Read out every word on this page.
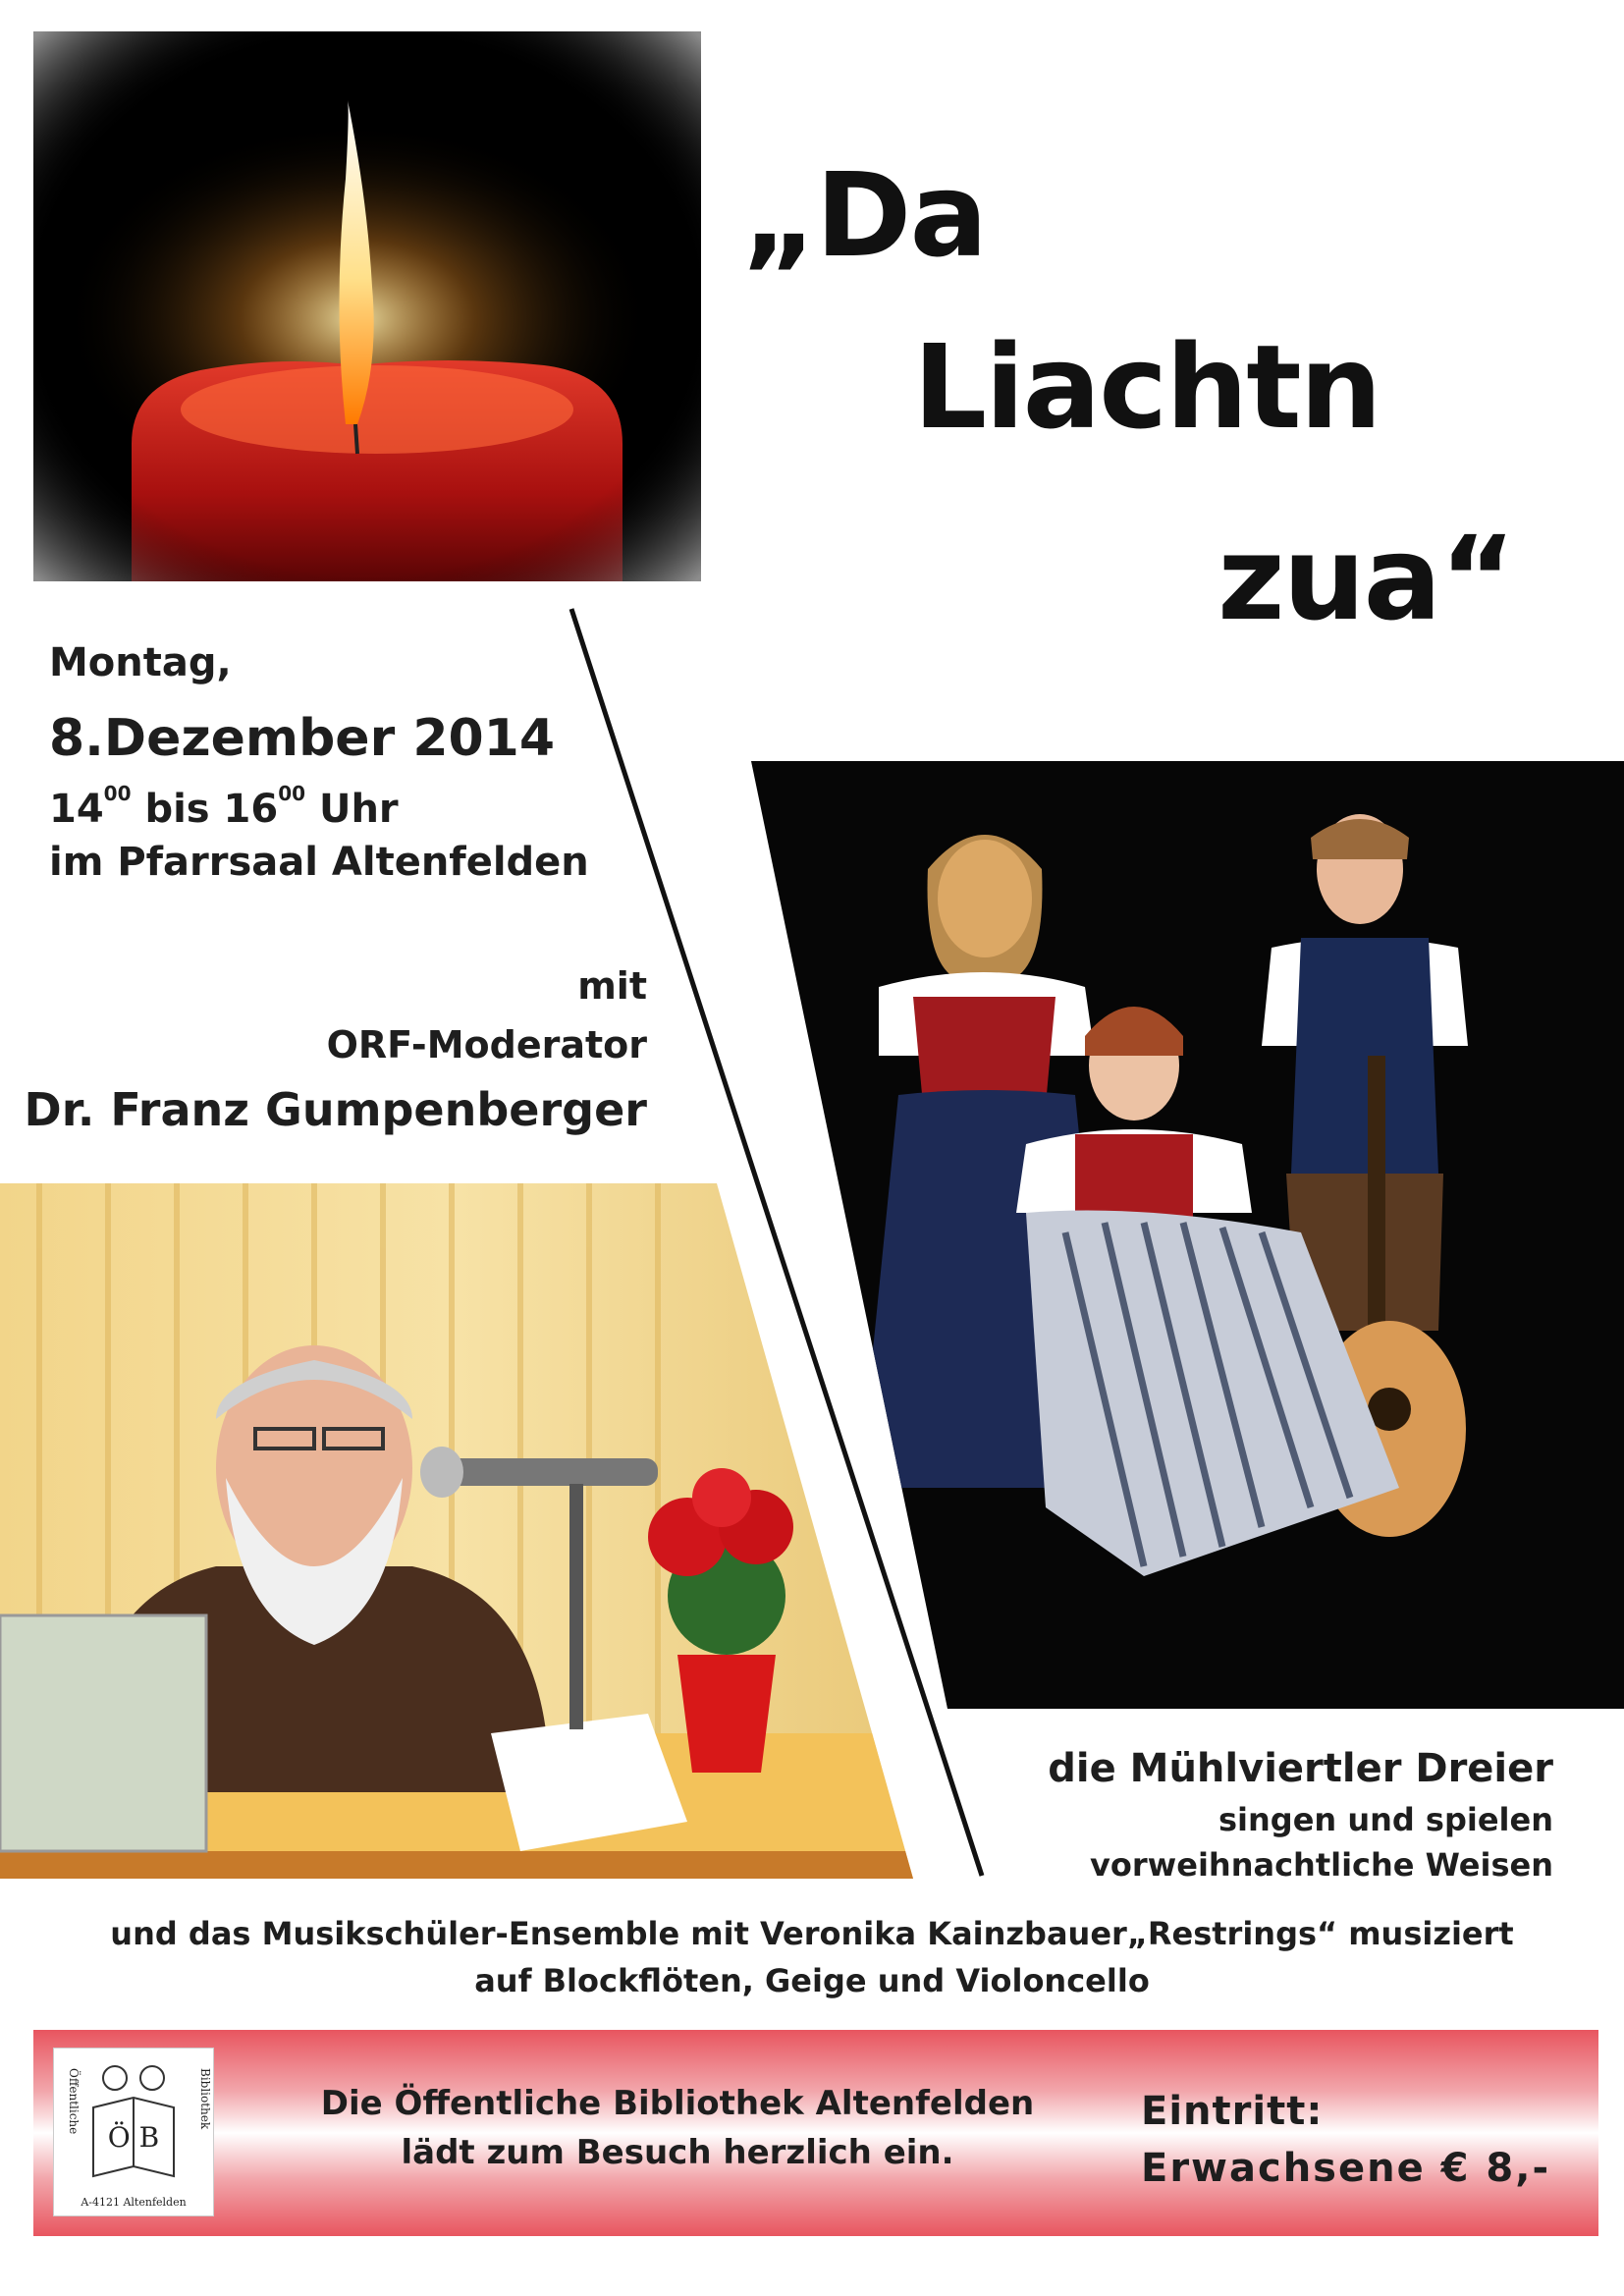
„Da
Liachtn
zua“
Montag,
8.Dezember 2014
$14^{00}$ bis $16^{00}$ Uhr
im Pfarrsaal Altenfelden
mit
ORF-Moderator
Dr. Franz Gumpenberger
die Mühlviertler Dreier
singen und spielen
vorweihnachtliche Weisen
und das Musikschüler-Ensemble mit Veronika Kainzbauer„Restrings“ musiziert
auf Blockflöten, Geige und Violoncello
Ö B
A-4121 Altenfelden
Öffentliche	Bibliothek	Die Öffentliche Bibliothek Altenfelden
lädt zum Besuch herzlich ein.
Eintritt:
Erwachsene € 8,-
